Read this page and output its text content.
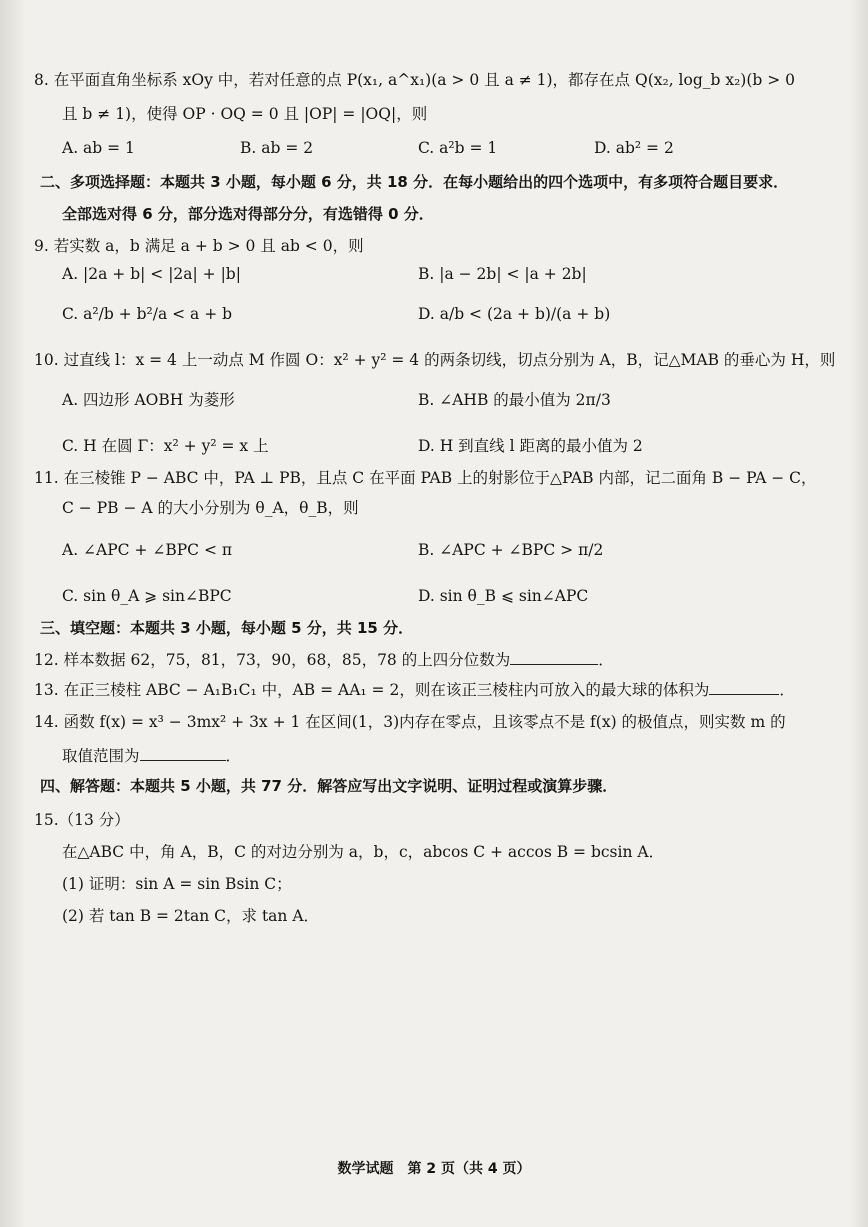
8. 在平面直角坐标系 xOy 中，若对任意的点 P(x₁, a^x₁)(a > 0 且 a ≠ 1)，都存在点 Q(x₂, log_b x₂)(b > 0
且 b ≠ 1)，使得 OP · OQ = 0 且 |OP| = |OQ|，则
A. ab = 1	B. ab = 2	C. a²b = 1	D. ab² = 2
二、多项选择题：本题共 3 小题，每小题 6 分，共 18 分．在每小题给出的四个选项中，有多项符合题目要求．
全部选对得 6 分，部分选对得部分分，有选错得 0 分．
9. 若实数 a，b 满足 a + b > 0 且 ab < 0，则
A. |2a + b| < |2a| + |b|	B. |a − 2b| < |a + 2b|
C. a²/b + b²/a < a + b	D. a/b < (2a + b)/(a + b)
10. 过直线 l：x = 4 上一动点 M 作圆 O：x² + y² = 4 的两条切线，切点分别为 A，B，记△MAB 的垂心为 H，则
A. 四边形 AOBH 为菱形	B. ∠AHB 的最小值为 2π/3
C. H 在圆 Γ：x² + y² = x 上	D. H 到直线 l 距离的最小值为 2
11. 在三棱锥 P − ABC 中，PA ⊥ PB，且点 C 在平面 PAB 上的射影位于△PAB 内部，记二面角 B − PA − C，
C − PB − A 的大小分别为 θ_A，θ_B，则
A. ∠APC + ∠BPC < π	B. ∠APC + ∠BPC > π/2
C. sin θ_A ⩾ sin∠BPC	D. sin θ_B ⩽ sin∠APC
三、填空题：本题共 3 小题，每小题 5 分，共 15 分．
12. 样本数据 62，75，81，73，90，68，85，78 的上四分位数为	．
13. 在正三棱柱 ABC − A₁B₁C₁ 中，AB = AA₁ = 2，则在该正三棱柱内可放入的最大球的体积为	．
14. 函数 f(x) = x³ − 3mx² + 3x + 1 在区间(1，3)内存在零点，且该零点不是 f(x) 的极值点，则实数 m 的
取值范围为	．
四、解答题：本题共 5 小题，共 77 分．解答应写出文字说明、证明过程或演算步骤．
15.（13 分）
在△ABC 中，角 A，B，C 的对边分别为 a，b，c，abcos C + accos B = bcsin A．
(1) 证明：sin A = sin Bsin C；
(2) 若 tan B = 2tan C，求 tan A．
数学试题　第 2 页（共 4 页）
